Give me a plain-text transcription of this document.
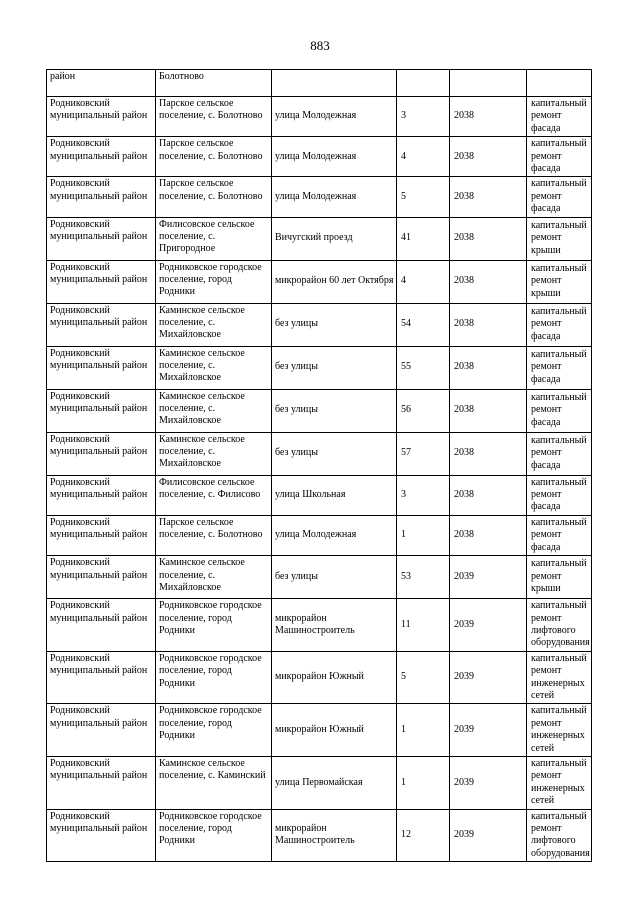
883
район	Болотново				
Родниковский муниципальный район	Парское сельское поселение, с. Болотново	улица Молодежная	3	2038	капитальный ремонт фасада
Родниковский муниципальный район	Парское сельское поселение, с. Болотново	улица Молодежная	4	2038	капитальный ремонт фасада
Родниковский муниципальный район	Парское сельское поселение, с. Болотново	улица Молодежная	5	2038	капитальный ремонт фасада
Родниковский муниципальный район	Филисовское сельское поселение, с. Пригородное	Вичугский проезд	41	2038	капитальный ремонт крыши
Родниковский муниципальный район	Родниковское городское поселение, город Родники	микрорайон 60 лет Октября	4	2038	капитальный ремонт крыши
Родниковский муниципальный район	Каминское сельское поселение, с. Михайловское	без улицы	54	2038	капитальный ремонт фасада
Родниковский муниципальный район	Каминское сельское поселение, с. Михайловское	без улицы	55	2038	капитальный ремонт фасада
Родниковский муниципальный район	Каминское сельское поселение, с. Михайловское	без улицы	56	2038	капитальный ремонт фасада
Родниковский муниципальный район	Каминское сельское поселение, с. Михайловское	без улицы	57	2038	капитальный ремонт фасада
Родниковский муниципальный район	Филисовское сельское поселение, с. Филисово	улица Школьная	3	2038	капитальный ремонт фасада
Родниковский муниципальный район	Парское сельское поселение, с. Болотново	улица Молодежная	1	2038	капитальный ремонт фасада
Родниковский муниципальный район	Каминское сельское поселение, с. Михайловское	без улицы	53	2039	капитальный ремонт крыши
Родниковский муниципальный район	Родниковское городское поселение, город Родники	микрорайон Машиностроитель	11	2039	капитальный ремонт лифтового оборудования
Родниковский муниципальный район	Родниковское городское поселение, город Родники	микрорайон Южный	5	2039	капитальный ремонт инженерных сетей
Родниковский муниципальный район	Родниковское городское поселение, город Родники	микрорайон Южный	1	2039	капитальный ремонт инженерных сетей
Родниковский муниципальный район	Каминское сельское поселение, с. Каминский	улица Первомайская	1	2039	капитальный ремонт инженерных сетей
Родниковский муниципальный район	Родниковское городское поселение, город Родники	микрорайон Машиностроитель	12	2039	капитальный ремонт лифтового оборудования
